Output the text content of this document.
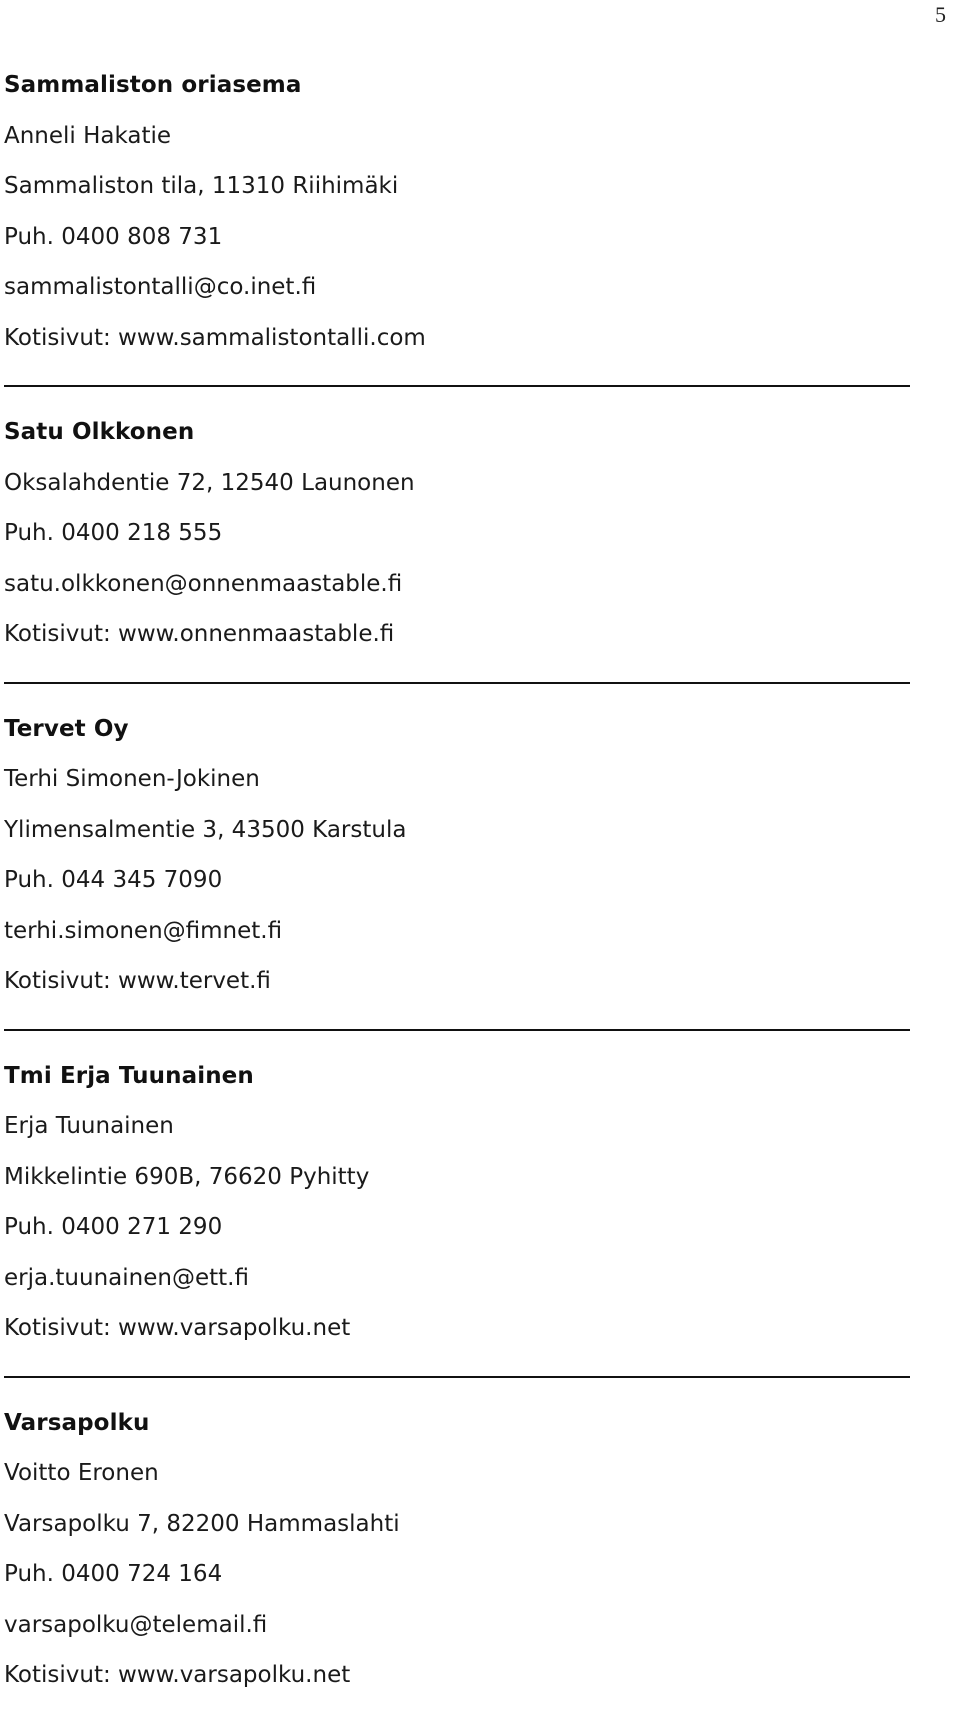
5
Sammaliston oriasema
Anneli Hakatie
Sammaliston tila, 11310 Riihimäki
Puh. 0400 808 731
sammalistontalli@co.inet.fi
Kotisivut: www.sammalistontalli.com
Satu Olkkonen
Oksalahdentie 72, 12540 Launonen
Puh. 0400 218 555
satu.olkkonen@onnenmaastable.fi
Kotisivut: www.onnenmaastable.fi
Tervet Oy
Terhi Simonen-Jokinen
Ylimensalmentie 3, 43500 Karstula
Puh. 044 345 7090
terhi.simonen@fimnet.fi
Kotisivut: www.tervet.fi
Tmi Erja Tuunainen
Erja Tuunainen
Mikkelintie 690B, 76620 Pyhitty
Puh. 0400 271 290
erja.tuunainen@ett.fi
Kotisivut: www.varsapolku.net
Varsapolku
Voitto Eronen
Varsapolku 7, 82200 Hammaslahti
Puh. 0400 724 164
varsapolku@telemail.fi
Kotisivut: www.varsapolku.net
